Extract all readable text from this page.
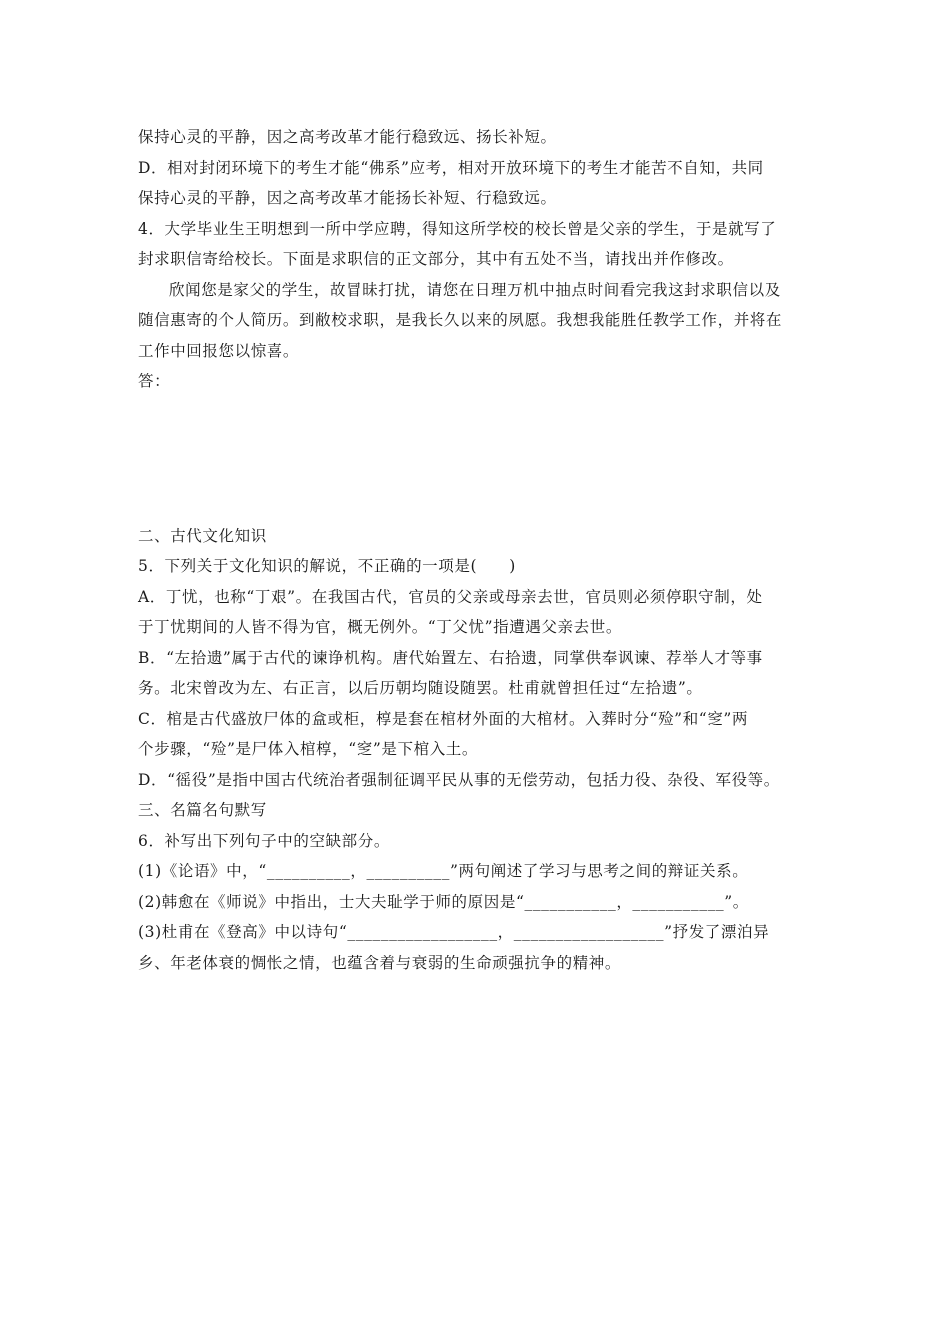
保持心灵的平静，因之高考改革才能行稳致远、扬长补短。
D．相对封闭环境下的考生才能“佛系”应考，相对开放环境下的考生才能苦不自知，共同
保持心灵的平静，因之高考改革才能扬长补短、行稳致远。
4．大学毕业生王明想到一所中学应聘，得知这所学校的校长曾是父亲的学生，于是就写了
封求职信寄给校长。下面是求职信的正文部分，其中有五处不当，请找出并作修改。
欣闻您是家父的学生，故冒昧打扰，请您在日理万机中抽点时间看完我这封求职信以及
随信惠寄的个人简历。到敝校求职，是我长久以来的夙愿。我想我能胜任教学工作，并将在
工作中回报您以惊喜。
答：
二、古代文化知识
5．下列关于文化知识的解说，不正确的一项是(　　)
A．丁忧，也称“丁艰”。在我国古代，官员的父亲或母亲去世，官员则必须停职守制，处
于丁忧期间的人皆不得为官，概无例外。“丁父忧”指遭遇父亲去世。
B．“左拾遗”属于古代的谏诤机构。唐代始置左、右拾遗，同掌供奉讽谏、荐举人才等事
务。北宋曾改为左、右正言，以后历朝均随设随罢。杜甫就曾担任过“左拾遗”。
C．棺是古代盛放尸体的盒或柜，椁是套在棺材外面的大棺材。入葬时分“殓”和“窆”两
个步骤，“殓”是尸体入棺椁，“窆”是下棺入土。
D．“徭役”是指中国古代统治者强制征调平民从事的无偿劳动，包括力役、杂役、军役等。
三、名篇名句默写
6．补写出下列句子中的空缺部分。
(1)《论语》中，“__________，__________”两句阐述了学习与思考之间的辩证关系。
(2)韩愈在《师说》中指出，士大夫耻学于师的原因是“___________，___________”。
(3)杜甫在《登高》中以诗句“__________________，__________________”抒发了漂泊异
乡、年老体衰的惆怅之情，也蕴含着与衰弱的生命顽强抗争的精神。
